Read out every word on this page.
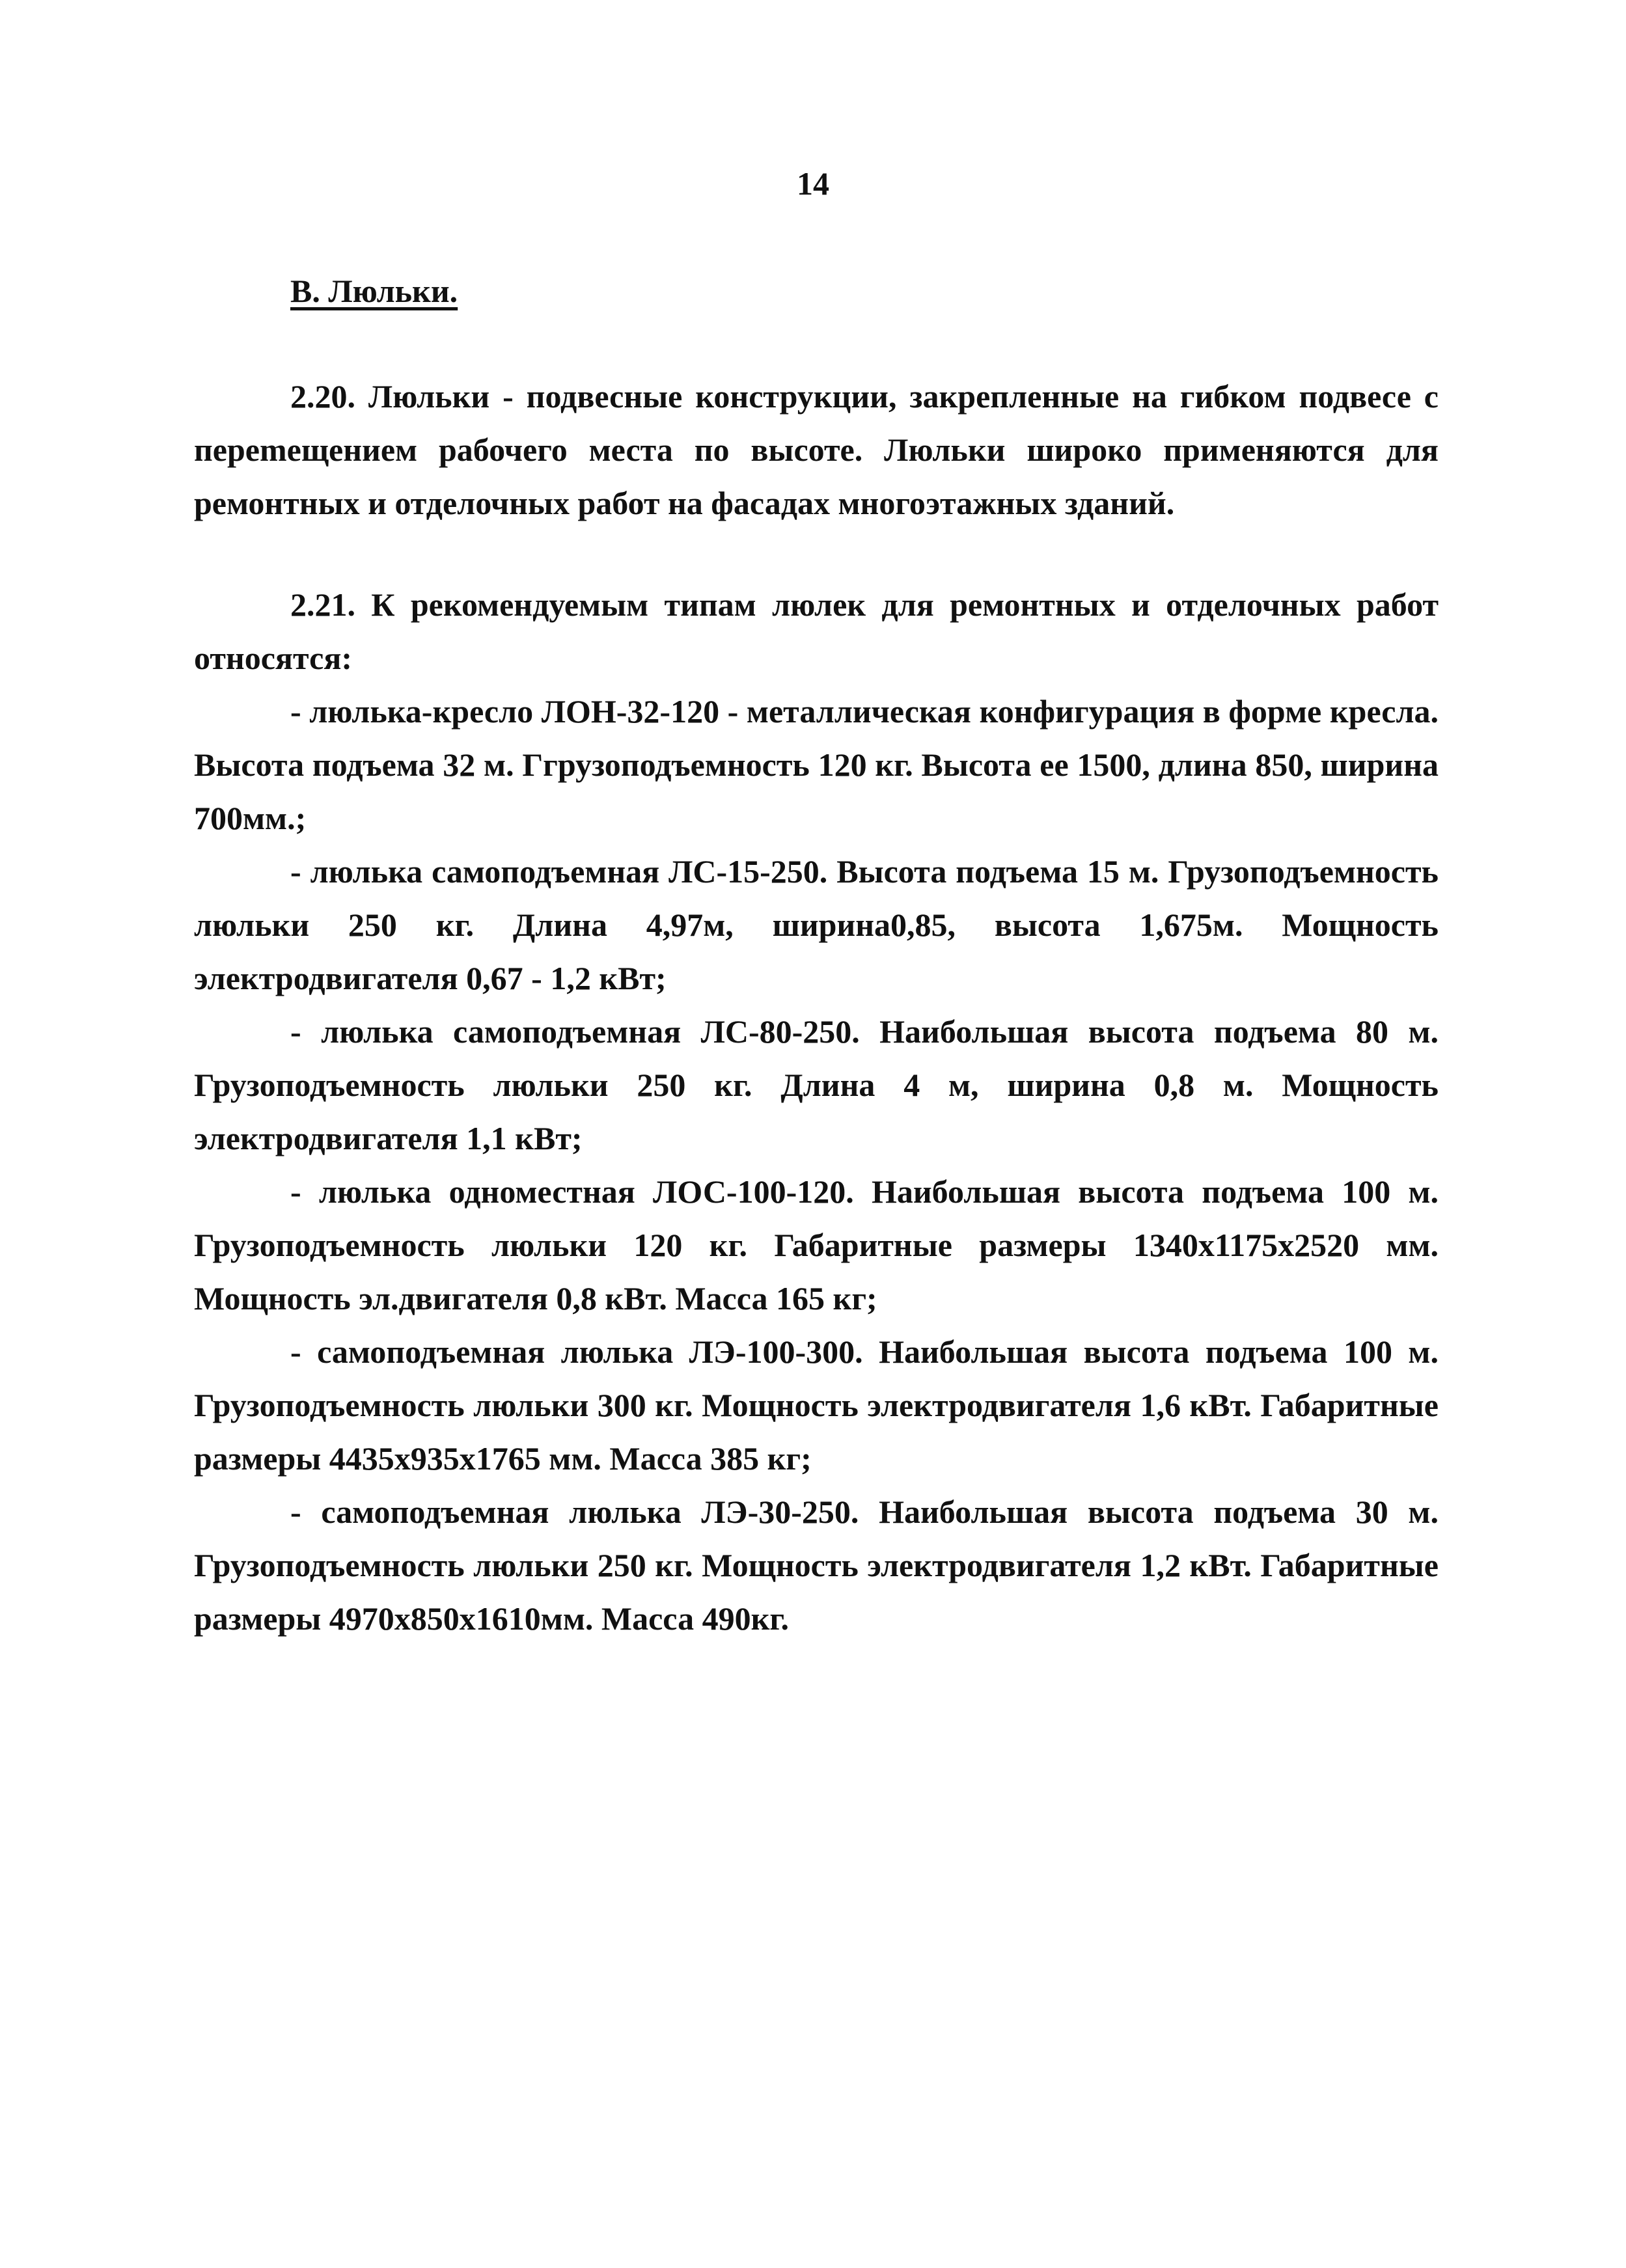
14
В. Люльки.

2.20. Люльки - подвесные конструкции, закрепленные на гибком подвесе с переmещением рабочего места по высоте. Люльки широко применяются для ремонтных и отделочных работ на фасадах многоэтажных зданий.

2.21. К рекомендуемым типам люлек для ремонтных и отделочных работ относятся:

- люлька-кресло ЛОН-32-120 - металлическая конфигурация в форме кресла. Высота подъема 32 м. Ггрузоподъемность 120 кг. Высота ее 1500, длина 850, ширина 700мм.;

- люлька самоподъемная ЛС-15-250. Высота подъема 15 м. Грузоподъемность люльки 250 кг. Длина 4,97м, ширина0,85, высота 1,675м. Мощность электродвигателя 0,67 - 1,2 кВт;

- люлька самоподъемная ЛС-80-250. Наибольшая высота подъема 80 м. Грузоподъемность люльки 250 кг. Длина 4 м, ширина 0,8 м. Мощность электродвигателя 1,1 кВт;

- люлька одноместная ЛОС-100-120. Наибольшая высота подъема 100 м. Грузоподъемность люльки 120 кг. Габаритные размеры 1340x1175x2520 мм. Мощность эл.двигателя 0,8 кВт. Масса 165 кг;

- самоподъемная люлька ЛЭ-100-300. Наибольшая высота подъема 100 м. Грузоподъемность люльки 300 кг. Мощность электродвигателя 1,6 кВт. Габаритные размеры 4435x935x1765 мм. Масса 385 кг;

- самоподъемная люлька ЛЭ-30-250. Наибольшая высота подъема 30 м. Грузоподъемность люльки 250 кг. Мощность электродвигателя 1,2 кВт. Габаритные размеры 4970x850x1610мм. Масса 490кг.
